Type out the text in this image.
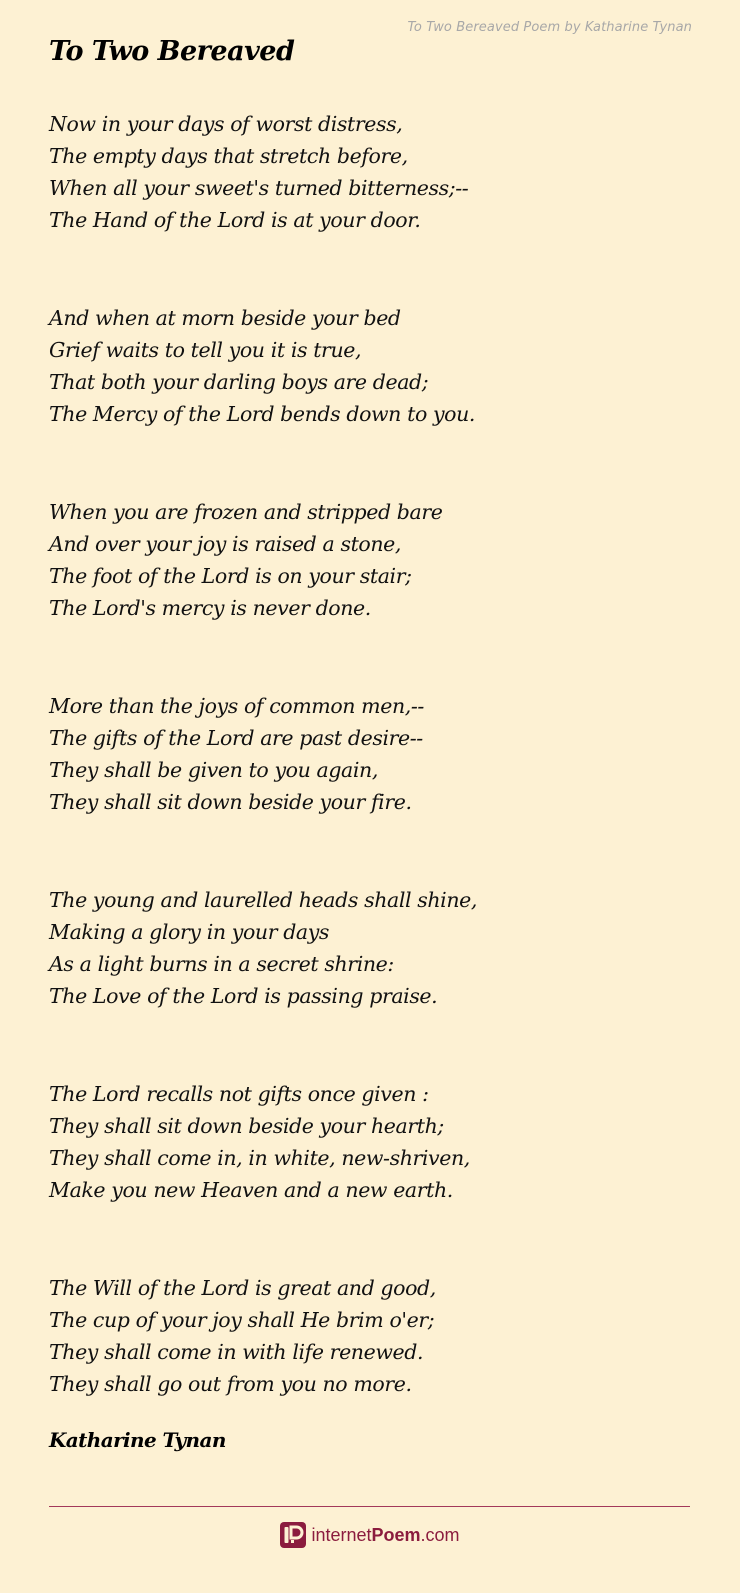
To Two Bereaved Poem by Katharine Tynan
To Two Bereaved
Now in your days of worst distress,
The empty days that stretch before,
When all your sweet's turned bitterness;--
The Hand of the Lord is at your door.
And when at morn beside your bed
Grief waits to tell you it is true,
That both your darling boys are dead;
The Mercy of the Lord bends down to you.
When you are frozen and stripped bare
And over your joy is raised a stone,
The foot of the Lord is on your stair;
The Lord's mercy is never done.
More than the joys of common men,--
The gifts of the Lord are past desire--
They shall be given to you again,
They shall sit down beside your fire.
The young and laurelled heads shall shine,
Making a glory in your days
As a light burns in a secret shrine:
The Love of the Lord is passing praise.
The Lord recalls not gifts once given :
They shall sit down beside your hearth;
They shall come in, in white, new-shriven,
Make you new Heaven and a new earth.
The Will of the Lord is great and good,
The cup of your joy shall He brim o'er;
They shall come in with life renewed.
They shall go out from you no more.
Katharine Tynan
internetPoem.com
